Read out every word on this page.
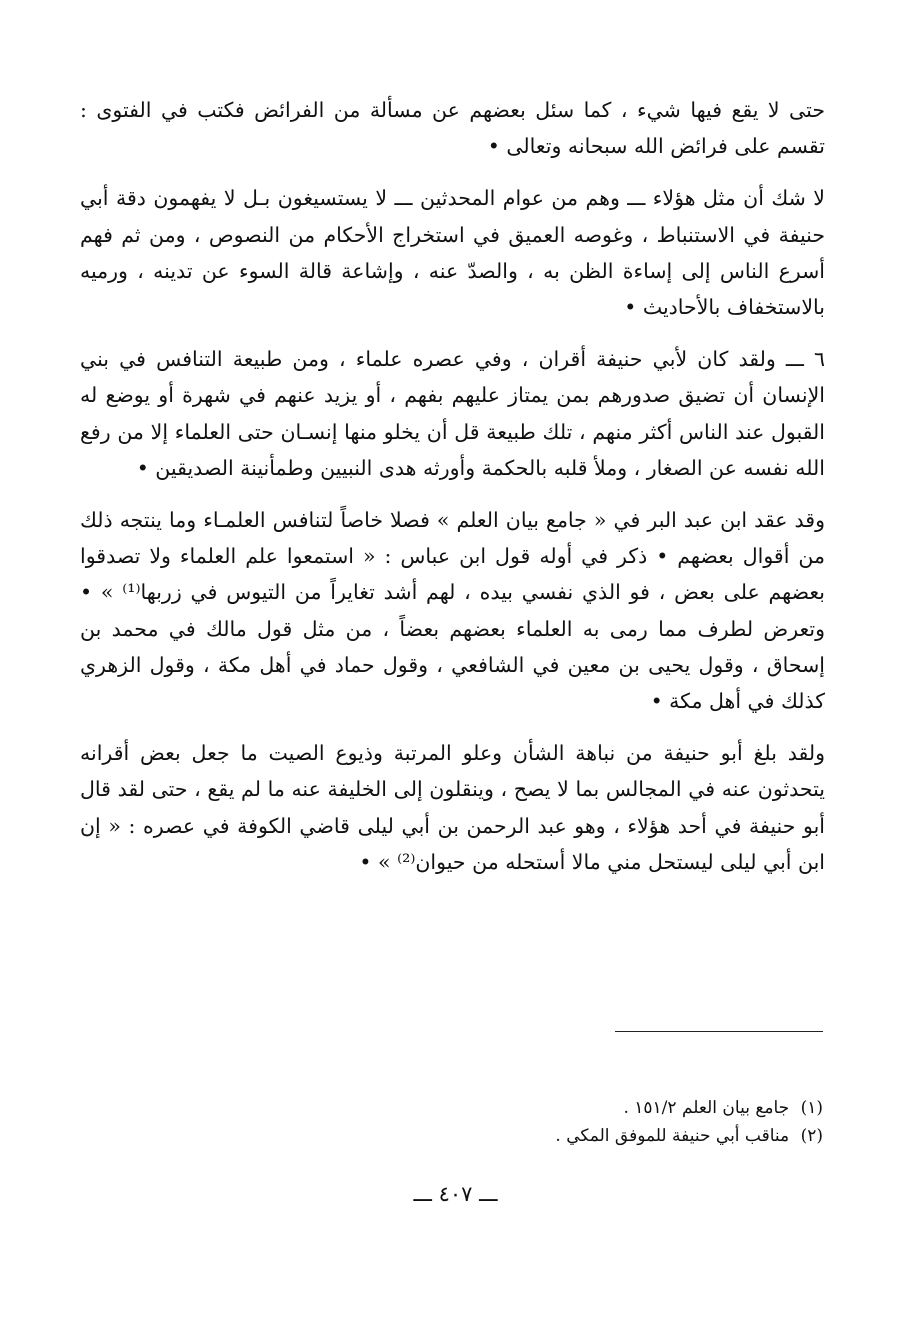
حتى لا يقع فيها شيء ، كما سئل بعضهم عن مسألة من الفرائض فكتب في الفتوى : تقسم على فرائض الله سبحانه وتعالى •

لا شك أن مثل هؤلاء ـــ وهم من عوام المحدثين ـــ لا يستسيغون بـل لا يفهمون دقة أبي حنيفة في الاستنباط ، وغوصه العميق في استخراج الأحكام من النصوص ، ومن ثم فهم أسرع الناس إلى إساءة الظن به ، والصدّ عنه ، وإشاعة قالة السوء عن تدينه ، ورميه بالاستخفاف بالأحاديث •

٦ ـــ ولقد كان لأبي حنيفة أقران ، وفي عصره علماء ، ومن طبيعة التنافس في بني الإنسان أن تضيق صدورهم بمن يمتاز عليهم بفهم ، أو يزيد عنهم في شهرة أو يوضع له القبول عند الناس أكثر منهم ، تلك طبيعة قل أن يخلو منها إنسـان حتى العلماء إلا من رفع الله نفسه عن الصغار ، وملأ قلبه بالحكمة وأورثه هدى النبيين وطمأنينة الصديقين •

وقد عقد ابن عبد البر في « جامع بيان العلم » فصلا خاصاً لتنافس العلمـاء وما ينتجه ذلك من أقوال بعضهم • ذكر في أوله قول ابن عباس : « استمعوا علم العلماء ولا تصدقوا بعضهم على بعض ، فو الذي نفسي بيده ، لهم أشد تغايراً من التيوس في زربها⁽¹⁾ » • وتعرض لطرف مما رمى به العلماء بعضهم بعضاً ، من مثل قول مالك في محمد بن إسحاق ، وقول يحيى بن معين في الشافعي ، وقول حماد في أهل مكة ، وقول الزهري كذلك في أهل مكة •

ولقد بلغ أبو حنيفة من نباهة الشأن وعلو المرتبة وذيوع الصيت ما جعل بعض أقرانه يتحدثون عنه في المجالس بما لا يصح ، وينقلون إلى الخليفة عنه ما لم يقع ، حتى لقد قال أبو حنيفة في أحد هؤلاء ، وهو عبد الرحمن بن أبي ليلى قاضي الكوفة في عصره : « إن ابن أبي ليلى ليستحل مني مالا أستحله من حيوان⁽²⁾ » •

(١) جامع بيان العلم ١٥١/٢ .

(٢) مناقب أبي حنيفة للموفق المكي .

ـــ ٤٠٧ ـــ
